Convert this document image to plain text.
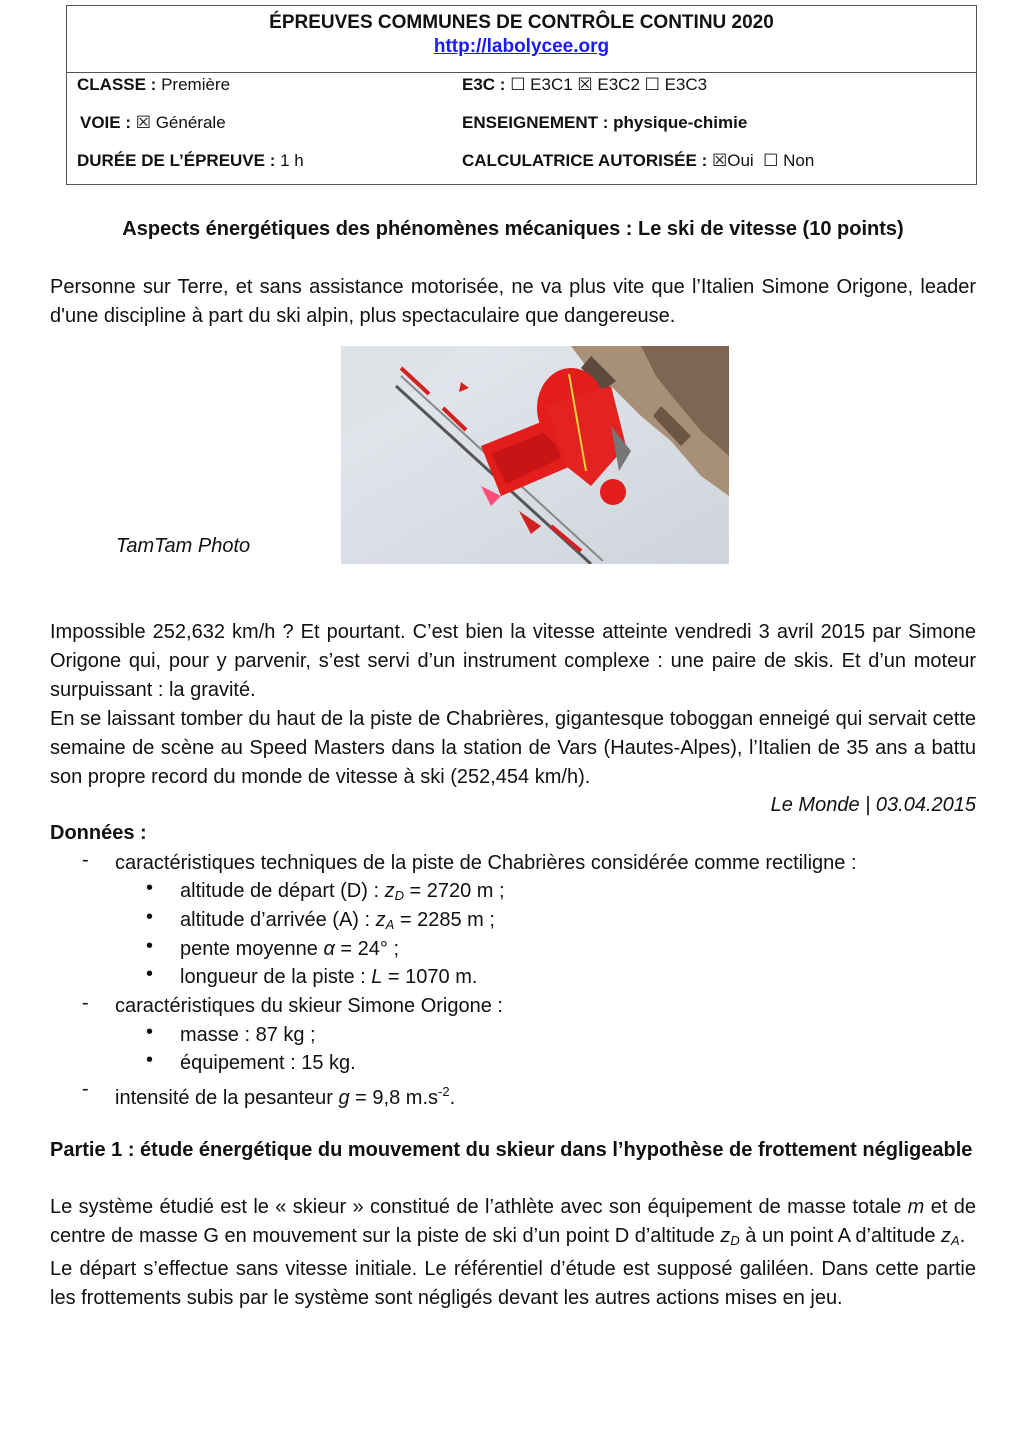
ÉPREUVES COMMUNES DE CONTRÔLE CONTINU 2020
http://labolycee.org
CLASSE : Première	E3C : ☐ E3C1 ☒ E3C2 ☐ E3C3
VOIE : ☒ Générale	ENSEIGNEMENT : physique-chimie
DURÉE DE L’ÉPREUVE : 1 h	CALCULATRICE AUTORISÉE : ☒Oui  ☐ Non
Aspects énergétiques des phénomènes mécaniques : Le ski de vitesse (10 points)

Personne sur Terre, et sans assistance motorisée, ne va plus vite que l’Italien Simone Origone, leader d'une discipline à part du ski alpin, plus spectaculaire que dangereuse.

TamTam Photo

Impossible 252,632 km/h ? Et pourtant. C’est bien la vitesse atteinte vendredi 3 avril 2015 par Simone Origone qui, pour y parvenir, s’est servi d’un instrument complexe : une paire de skis. Et d’un moteur surpuissant : la gravité.

En se laissant tomber du haut de la piste de Chabrières, gigantesque toboggan enneigé qui servait cette semaine de scène au Speed Masters dans la station de Vars (Hautes-Alpes), l’Italien de 35 ans a battu son propre record du monde de vitesse à ski (252,454 km/h).

Le Monde | 03.04.2015
Données :
- caractéristiques techniques de la piste de Chabrières considérée comme rectiligne :
• altitude de départ (D) : $z_D = 2720$ m ;
• altitude d’arrivée (A) : $z_A = 2285$ m ;
• pente moyenne α = 24° ;
• longueur de la piste : L = 1070 m.
- caractéristiques du skieur Simone Origone :
• masse : 87 kg ;
• équipement : 15 kg.
- intensité de la pesanteur g = 9,8 $m.s^{-2}$.
Partie 1 : étude énergétique du mouvement du skieur dans l’hypothèse de frottement négligeable

Le système étudié est le « skieur » constitué de l’athlète avec son équipement de masse totale m et de centre de masse G en mouvement sur la piste de ski d’un point D d’altitude $z_D$ à un point A d’altitude $z_A$.

Le départ s’effectue sans vitesse initiale. Le référentiel d’étude est supposé galiléen. Dans cette partie les frottements subis par le système sont négligés devant les autres actions mises en jeu.
